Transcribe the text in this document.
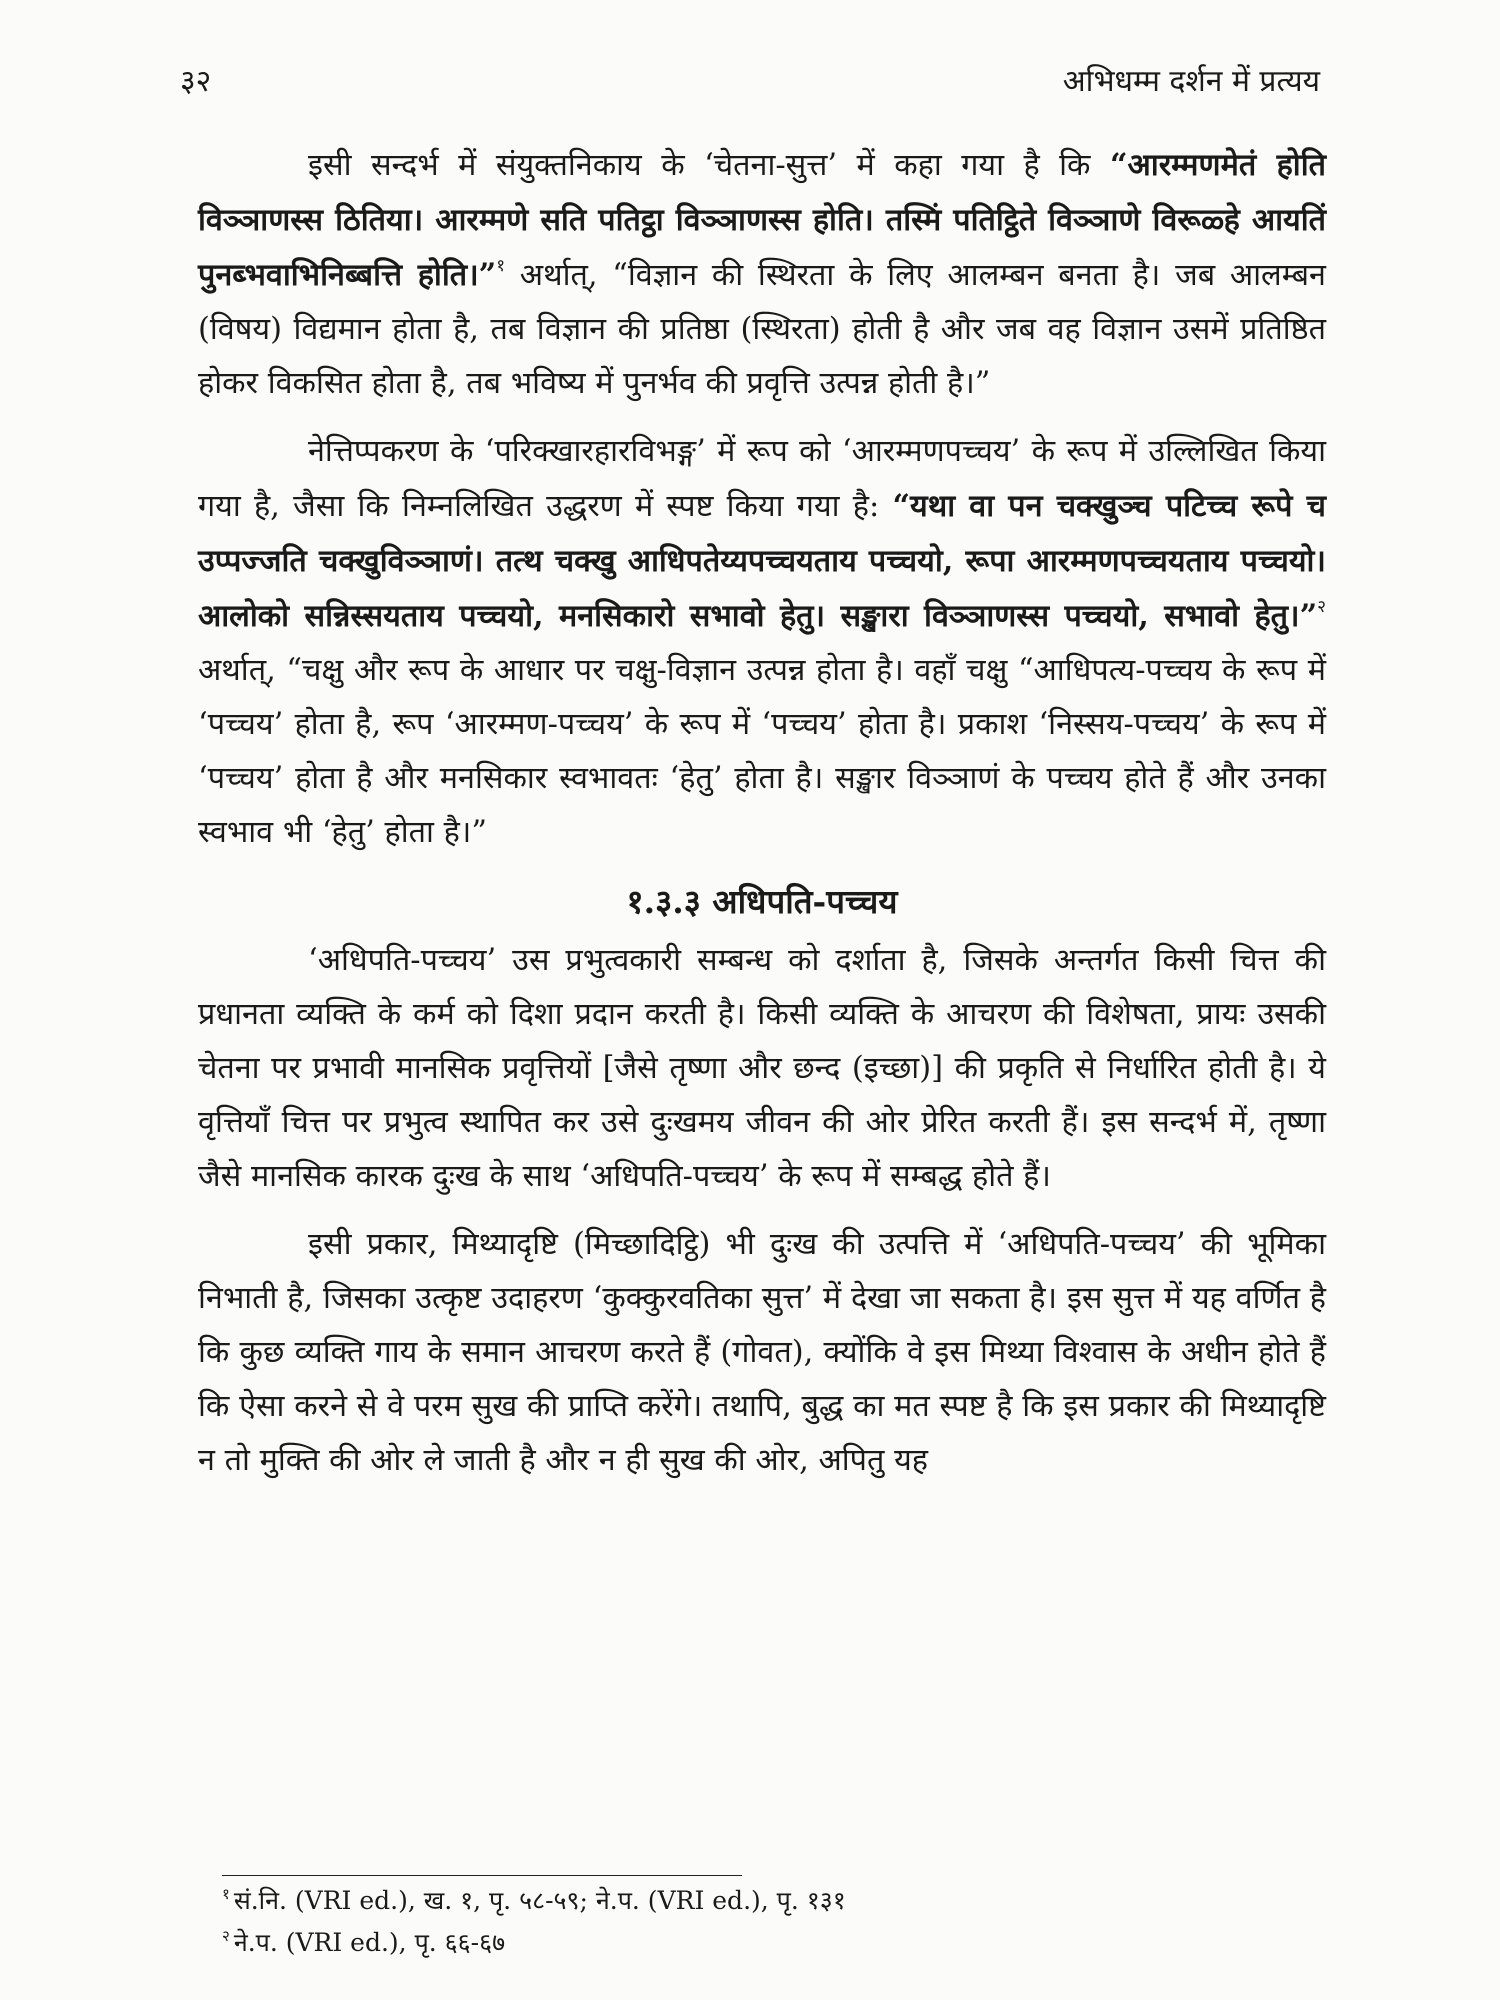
३२	अभिधम्म दर्शन में प्रत्यय

इसी सन्दर्भ में संयुक्तनिकाय के ‘चेतना-सुत्त’ में कहा गया है कि “आरम्मणमेतं होति विञ्ञाणस्स ठितिया। आरम्मणे सति पतिट्ठा विञ्ञाणस्स होति। तस्मिं पतिट्ठिते विञ्ञाणे विरूळ्हे आयतिं पुनब्भवाभिनिब्बत्ति होति।”$^१$ अर्थात्, “विज्ञान की स्थिरता के लिए आलम्बन बनता है। जब आलम्बन (विषय) विद्यमान होता है, तब विज्ञान की प्रतिष्ठा (स्थिरता) होती है और जब वह विज्ञान उसमें प्रतिष्ठित होकर विकसित होता है, तब भविष्य में पुनर्भव की प्रवृत्ति उत्पन्न होती है।”

नेत्तिप्पकरण के ‘परिक्खारहारविभङ्ग’ में रूप को ‘आरम्मणपच्चय’ के रूप में उल्लिखित किया गया है, जैसा कि निम्नलिखित उद्धरण में स्पष्ट किया गया है: “यथा वा पन चक्खुञ्च पटिच्च रूपे च उप्पज्जति चक्खुविञ्ञाणं। तत्थ चक्खु आधिपतेय्यपच्चयताय पच्चयो, रूपा आरम्मणपच्चयताय पच्चयो। आलोको सन्निस्सयताय पच्चयो, मनसिकारो सभावो हेतु। सङ्खारा विञ्ञाणस्स पच्चयो, सभावो हेतु।”$^२$ अर्थात्, “चक्षु और रूप के आधार पर चक्षु-विज्ञान उत्पन्न होता है। वहाँ चक्षु “आधिपत्य-पच्चय के रूप में ‘पच्चय’ होता है, रूप ‘आरम्मण-पच्चय’ के रूप में ‘पच्चय’ होता है। प्रकाश ‘निस्सय-पच्चय’ के रूप में ‘पच्चय’ होता है और मनसिकार स्वभावतः ‘हेतु’ होता है। सङ्खार विञ्ञाणं के पच्चय होते हैं और उनका स्वभाव भी ‘हेतु’ होता है।”

१.३.३ अधिपति-पच्चय

‘अधिपति-पच्चय’ उस प्रभुत्वकारी सम्बन्ध को दर्शाता है, जिसके अन्तर्गत किसी चित्त की प्रधानता व्यक्ति के कर्म को दिशा प्रदान करती है। किसी व्यक्ति के आचरण की विशेषता, प्रायः उसकी चेतना पर प्रभावी मानसिक प्रवृत्तियों [जैसे तृष्णा और छन्द (इच्छा)] की प्रकृति से निर्धारित होती है। ये वृत्तियाँ चित्त पर प्रभुत्व स्थापित कर उसे दुःखमय जीवन की ओर प्रेरित करती हैं। इस सन्दर्भ में, तृष्णा जैसे मानसिक कारक दुःख के साथ ‘अधिपति-पच्चय’ के रूप में सम्बद्ध होते हैं।

इसी प्रकार, मिथ्यादृष्टि (मिच्छादिट्ठि) भी दुःख की उत्पत्ति में ‘अधिपति-पच्चय’ की भूमिका निभाती है, जिसका उत्कृष्ट उदाहरण ‘कुक्कुरवतिका सुत्त’ में देखा जा सकता है। इस सुत्त में यह वर्णित है कि कुछ व्यक्ति गाय के समान आचरण करते हैं (गोवत), क्योंकि वे इस मिथ्या विश्वास के अधीन होते हैं कि ऐसा करने से वे परम सुख की प्राप्ति करेंगे। तथापि, बुद्ध का मत स्पष्ट है कि इस प्रकार की मिथ्यादृष्टि न तो मुक्ति की ओर ले जाती है और न ही सुख की ओर, अपितु यह

$^१$ सं.नि. (VRI ed.), ख. १, पृ. ५८-५९; ने.प. (VRI ed.), पृ. १३१
$^२$ ने.प. (VRI ed.), पृ. ६६-६७
